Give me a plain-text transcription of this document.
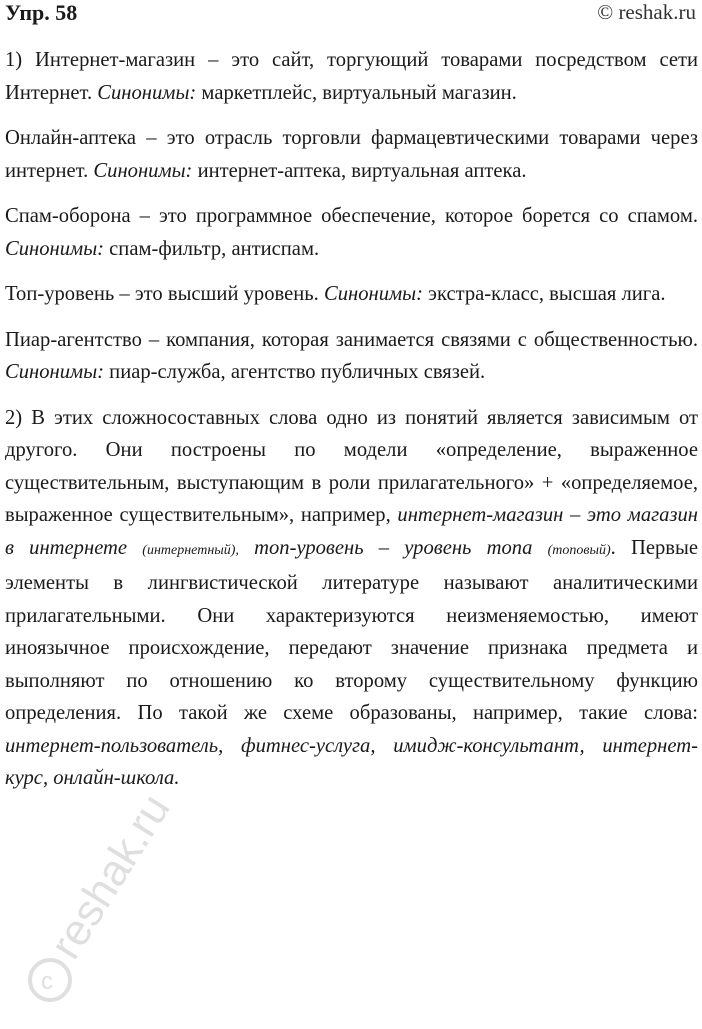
Упр. 58	© reshak.ru

1) Интернет-магазин – это сайт, торгующий товарами посредством сети Интернет. Синонимы: маркетплейс, виртуальный магазин.

Онлайн-аптека – это отрасль торговли фармацевтическими товарами через интернет. Синонимы: интернет-аптека, виртуальная аптека.

Спам-оборона – это программное обеспечение, которое борется со спамом. Синонимы: спам-фильтр, антиспам.

Топ-уровень – это высший уровень. Синонимы: экстра-класс, высшая лига.

Пиар-агентство – компания, которая занимается связями с общественностью. Синонимы: пиар-служба, агентство публичных связей.

2) В этих сложносоставных слова одно из понятий является зависимым от другого. Они построены по модели «определение, выраженное существительным, выступающим в роли прилагательного» + «определяемое, выраженное существительным», например, интернет-магазин – это магазин в интернете (интернетный), топ-уровень – уровень топа (топовый). Первые элементы в лингвистической литературе называют аналитическими прилагательными. Они характеризуются неизменяемостью, имеют иноязычное происхождение, передают значение признака предмета и выполняют по отношению ко второму существительному функцию определения. По такой же схеме образованы, например, такие слова: интернет-пользователь, фитнес-услуга, имидж-консультант, интернет-курс, онлайн-школа.

c
reshak.ru
